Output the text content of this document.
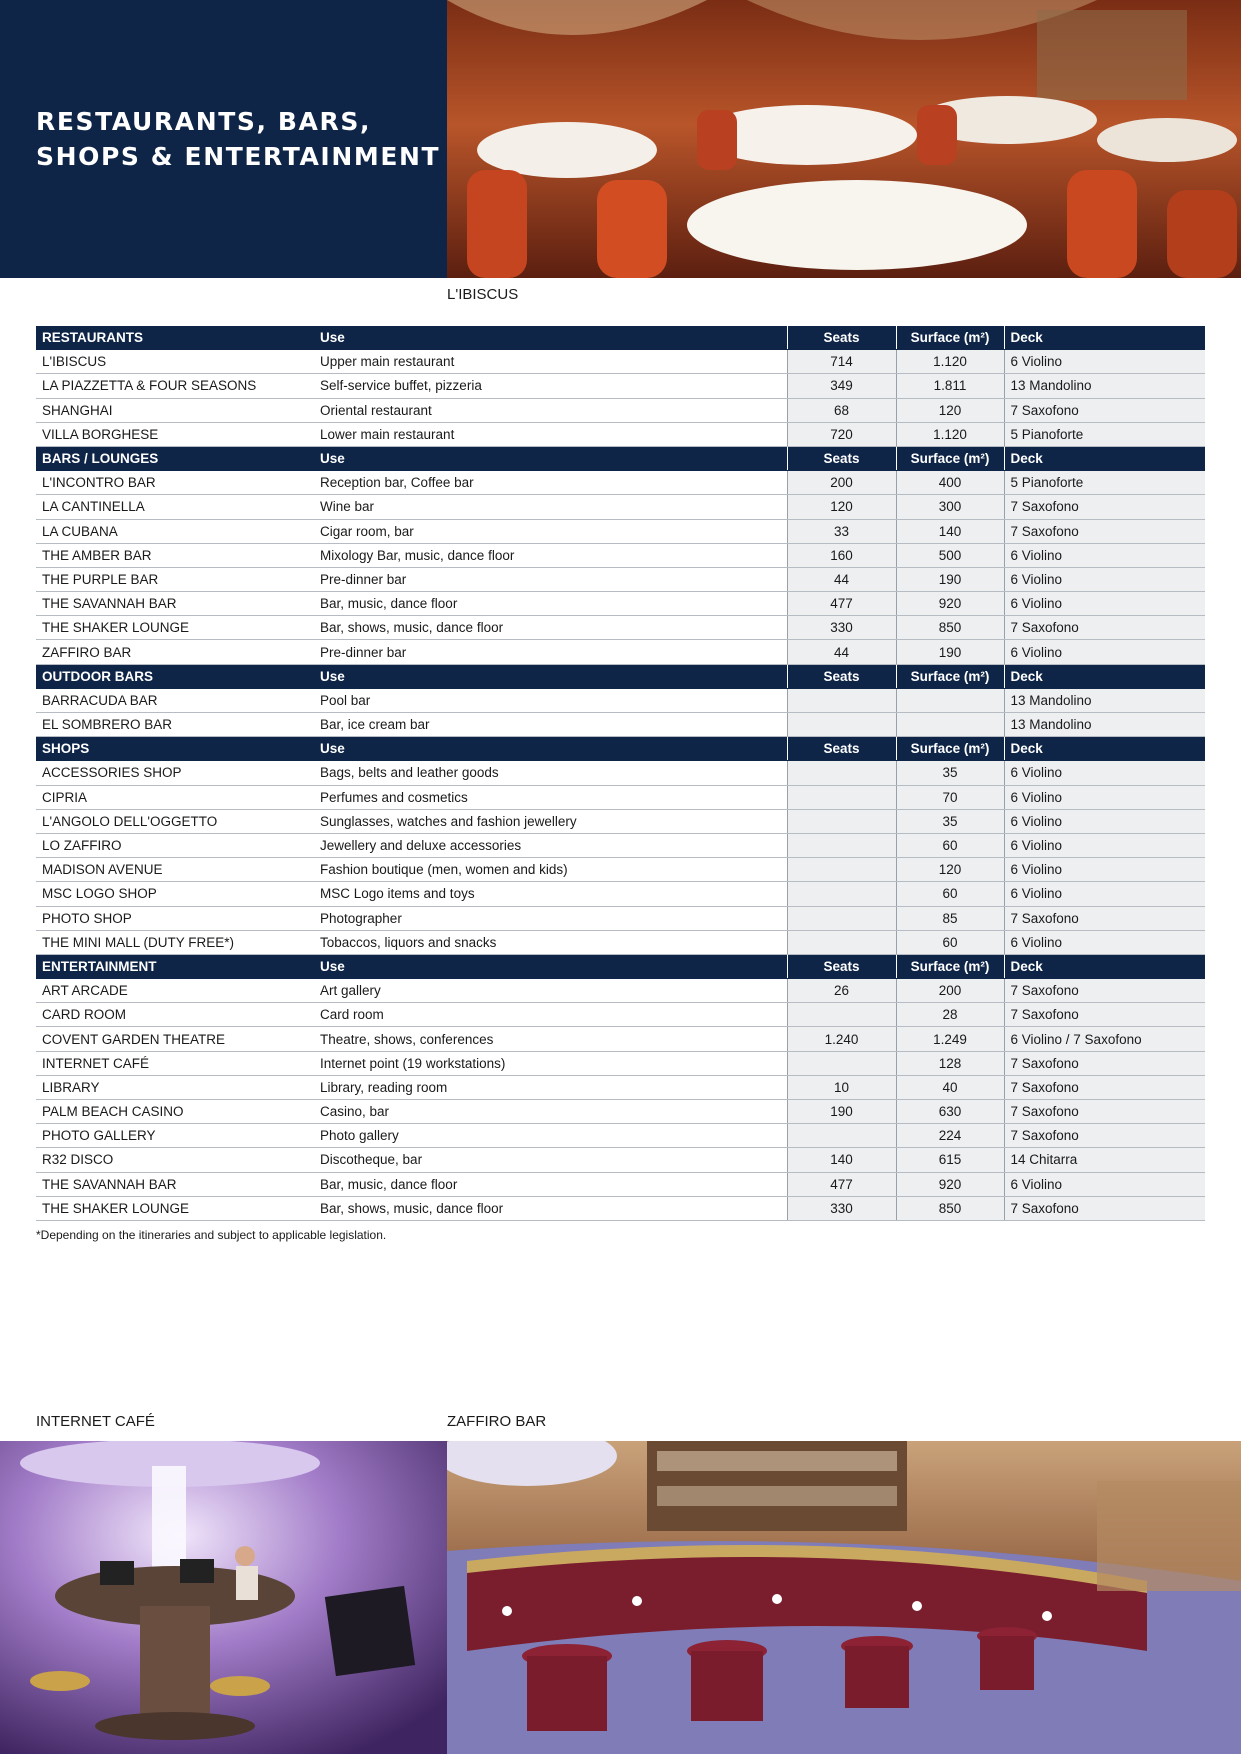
RESTAURANTS, BARS,
SHOPS & ENTERTAINMENT
L'IBISCUS
RESTAURANTS	Use	Seats	Surface (m²)	Deck
L'IBISCUS	Upper main restaurant	714	1.120	6 Violino
LA PIAZZETTA & FOUR SEASONS	Self-service buffet, pizzeria	349	1.811	13 Mandolino
SHANGHAI	Oriental restaurant	68	120	7 Saxofono
VILLA BORGHESE	Lower main restaurant	720	1.120	5 Pianoforte
BARS / LOUNGES	Use	Seats	Surface (m²)	Deck
L'INCONTRO BAR	Reception bar, Coffee bar	200	400	5 Pianoforte
LA CANTINELLA	Wine bar	120	300	7 Saxofono
LA CUBANA	Cigar room, bar	33	140	7 Saxofono
THE AMBER BAR	Mixology Bar, music, dance floor	160	500	6 Violino
THE PURPLE BAR	Pre-dinner bar	44	190	6 Violino
THE SAVANNAH BAR	Bar, music, dance floor	477	920	6 Violino
THE SHAKER LOUNGE	Bar, shows, music, dance floor	330	850	7 Saxofono
ZAFFIRO BAR	Pre-dinner bar	44	190	6 Violino
OUTDOOR BARS	Use	Seats	Surface (m²)	Deck
BARRACUDA BAR	Pool bar			13 Mandolino
EL SOMBRERO BAR	Bar, ice cream bar			13 Mandolino
SHOPS	Use	Seats	Surface (m²)	Deck
ACCESSORIES SHOP	Bags, belts and leather goods		35	6 Violino
CIPRIA	Perfumes and cosmetics		70	6 Violino
L'ANGOLO DELL'OGGETTO	Sunglasses, watches and fashion jewellery		35	6 Violino
LO ZAFFIRO	Jewellery and deluxe accessories		60	6 Violino
MADISON AVENUE	Fashion boutique (men, women and kids)		120	6 Violino
MSC LOGO SHOP	MSC Logo items and toys		60	6 Violino
PHOTO SHOP	Photographer		85	7 Saxofono
THE MINI MALL (DUTY FREE*)	Tobaccos, liquors and snacks		60	6 Violino
ENTERTAINMENT	Use	Seats	Surface (m²)	Deck
ART ARCADE	Art gallery	26	200	7 Saxofono
CARD ROOM	Card room		28	7 Saxofono
COVENT GARDEN THEATRE	Theatre, shows, conferences	1.240	1.249	6 Violino / 7 Saxofono
INTERNET CAFÉ	Internet point (19 workstations)		128	7 Saxofono
LIBRARY	Library, reading room	10	40	7 Saxofono
PALM BEACH CASINO	Casino, bar	190	630	7 Saxofono
PHOTO GALLERY	Photo gallery		224	7 Saxofono
R32 DISCO	Discotheque, bar	140	615	14 Chitarra
THE SAVANNAH BAR	Bar, music, dance floor	477	920	6 Violino
THE SHAKER LOUNGE	Bar, shows, music, dance floor	330	850	7 Saxofono
*Depending on the itineraries and subject to applicable legislation.
INTERNET CAFÉ	ZAFFIRO BAR
